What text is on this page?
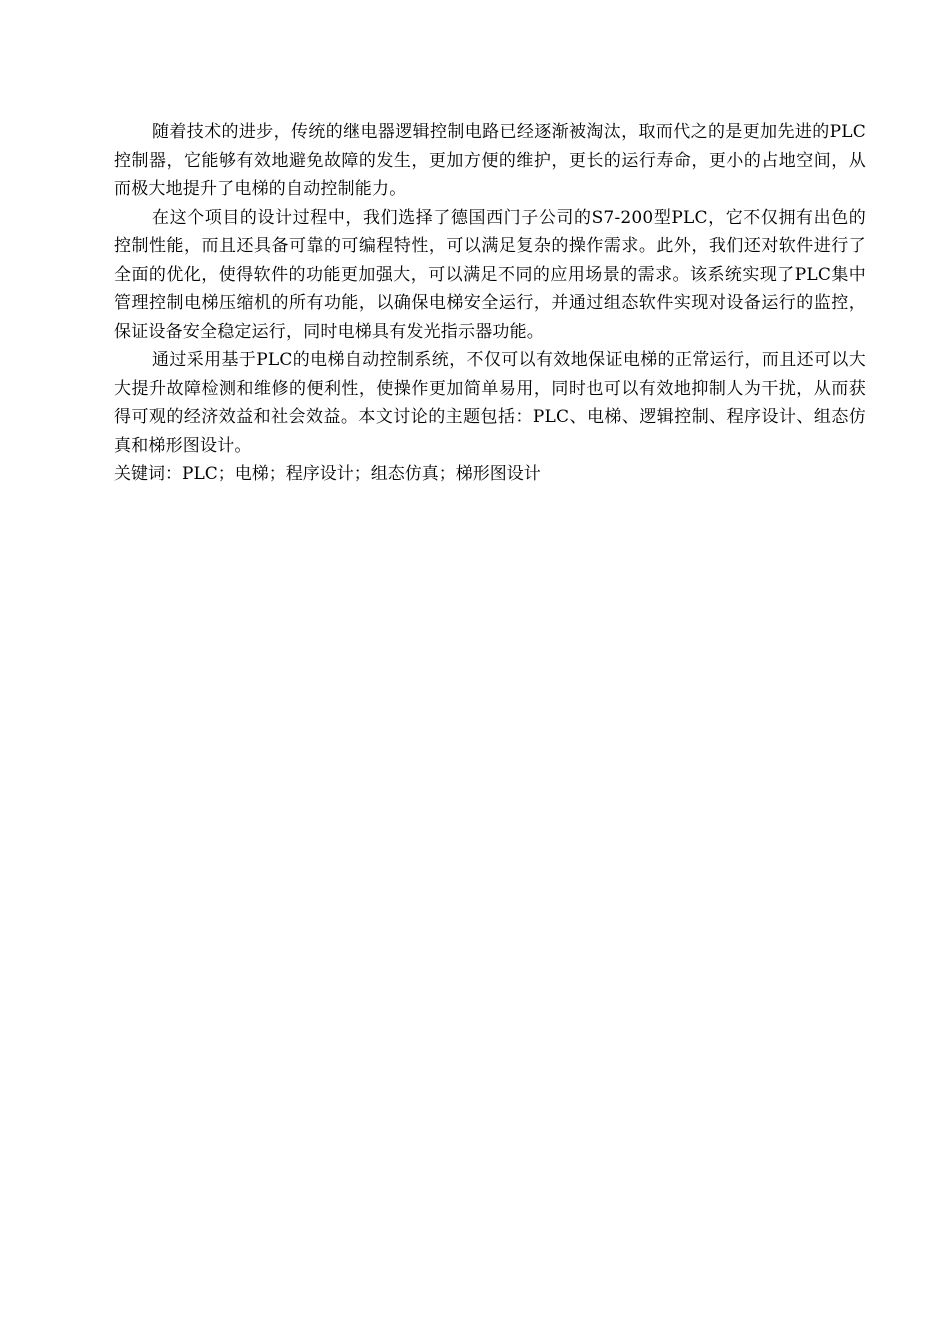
随着技术的进步，传统的继电器逻辑控制电路已经逐渐被淘汰，取而代之的是更加先进的PLC控制器，它能够有效地避免故障的发生，更加方便的维护，更长的运行寿命，更小的占地空间，从而极大地提升了电梯的自动控制能力。

在这个项目的设计过程中，我们选择了德国西门子公司的S7-200型PLC，它不仅拥有出色的控制性能，而且还具备可靠的可编程特性，可以满足复杂的操作需求。此外，我们还对软件进行了全面的优化，使得软件的功能更加强大，可以满足不同的应用场景的需求。该系统实现了PLC集中管理控制电梯压缩机的所有功能，以确保电梯安全运行，并通过组态软件实现对设备运行的监控，保证设备安全稳定运行，同时电梯具有发光指示器功能。

通过采用基于PLC的电梯自动控制系统，不仅可以有效地保证电梯的正常运行，而且还可以大大提升故障检测和维修的便利性，使操作更加简单易用，同时也可以有效地抑制人为干扰，从而获得可观的经济效益和社会效益。本文讨论的主题包括：PLC、电梯、逻辑控制、程序设计、组态仿真和梯形图设计。

关键词：PLC；电梯；程序设计；组态仿真；梯形图设计
